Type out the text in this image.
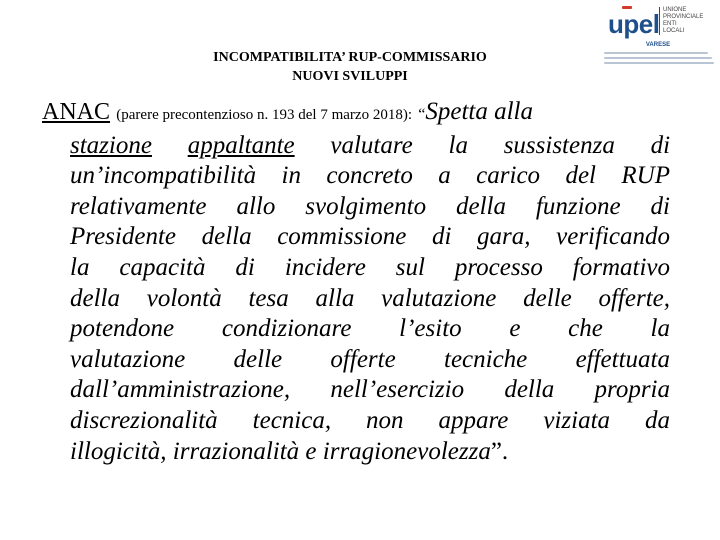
INCOMPATIBILITA’ RUP-COMMISSARIO
NUOVI SVILUPPI
upel UNIONE
PROVINCIALE
ENTI
LOCALI
VARESE
ANAC (parere precontenzioso n. 193 del 7 marzo 2018): “Spetta alla
stazione appaltante valutare la sussistenza di
un’incompatibilità in concreto a carico del RUP
relativamente allo svolgimento della funzione di
Presidente della commissione di gara, verificando
la capacità di incidere sul processo formativo
della volontà tesa alla valutazione delle offerte,
potendone condizionare l’esito e che la
valutazione delle offerte tecniche effettuata
dall’amministrazione, nell’esercizio della propria
discrezionalità tecnica, non appare viziata da
illogicità, irrazionalità e irragionevolezza”.
